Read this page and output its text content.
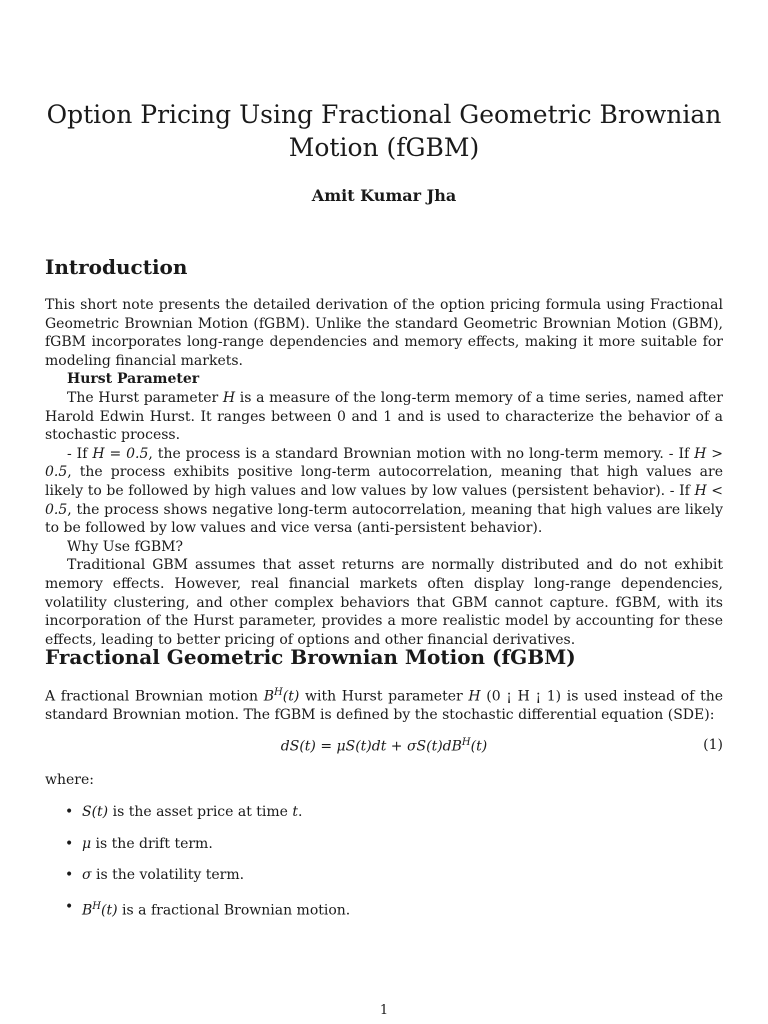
Option Pricing Using Fractional Geometric Brownian
Motion (fGBM)
Amit Kumar Jha
Introduction

This short note presents the detailed derivation of the option pricing formula using Fractional Geometric Brownian Motion (fGBM). Unlike the standard Geometric Brownian Motion (GBM), fGBM incorporates long-range dependencies and memory effects, making it more suitable for modeling financial markets.

Hurst Parameter

The Hurst parameter H is a measure of the long-term memory of a time series, named after Harold Edwin Hurst. It ranges between 0 and 1 and is used to characterize the behavior of a stochastic process.

- If H = 0.5, the process is a standard Brownian motion with no long-term memory. - If H > 0.5, the process exhibits positive long-term autocorrelation, meaning that high values are likely to be followed by high values and low values by low values (persistent behavior). - If H < 0.5, the process shows negative long-term autocorrelation, meaning that high values are likely to be followed by low values and vice versa (anti-persistent behavior).

Why Use fGBM?

Traditional GBM assumes that asset returns are normally distributed and do not exhibit memory effects. However, real financial markets often display long-range dependencies, volatility clustering, and other complex behaviors that GBM cannot capture. fGBM, with its incorporation of the Hurst parameter, provides a more realistic model by accounting for these effects, leading to better pricing of options and other financial derivatives.

Fractional Geometric Brownian Motion (fGBM)

A fractional Brownian motion $B^H(t)$ with Hurst parameter H (0 ¡ H ¡ 1) is used instead of the standard Brownian motion. The fGBM is defined by the stochastic differential equation (SDE):

$dS(t) = \mu S(t)dt + \sigma S(t)dB^H(t)$	(1)
where:
• S(t) is the asset price at time t.
• μ is the drift term.
• σ is the volatility term.
• $B^H(t)$ is a fractional Brownian motion.
1
